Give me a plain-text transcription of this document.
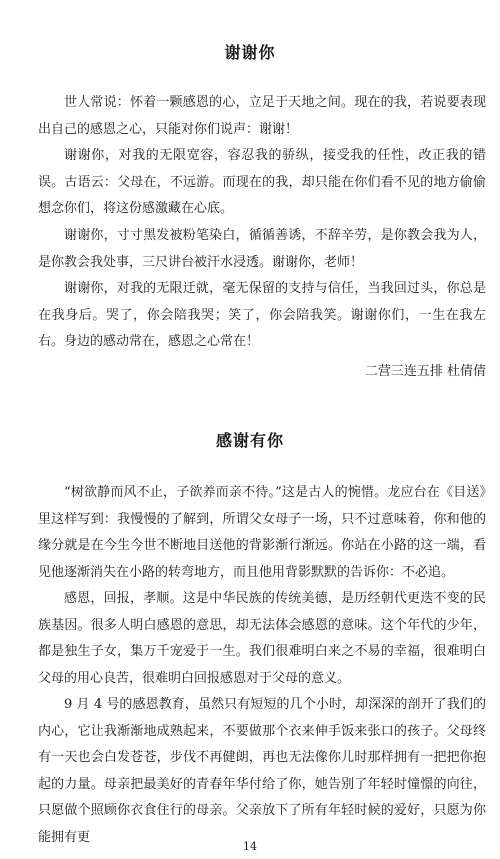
谢谢你

世人常说：怀着一颗感恩的心，立足于天地之间。现在的我，若说要表现出自己的感恩之心，只能对你们说声：谢谢！

谢谢你，对我的无限宽容，容忍我的骄纵，接受我的任性，改正我的错误。古语云：父母在，不远游。而现在的我，却只能在你们看不见的地方偷偷想念你们，将这份感激藏在心底。

谢谢你，寸寸黑发被粉笔染白，循循善诱，不辞辛劳，是你教会我为人，是你教会我处事，三尺讲台被汗水浸透。谢谢你，老师！

谢谢你，对我的无限迁就，毫无保留的支持与信任，当我回过头，你总是在我身后。哭了，你会陪我哭；笑了，你会陪我笑。谢谢你们，一生在我左右。 身边的感动常在，感恩之心常在！

二营三连五排 杜倩倩
感谢有你

“树欲静而风不止，子欲养而亲不待。”这是古人的惋惜。龙应台在《目送》里这样写到：我慢慢的了解到，所谓父女母子一场，只不过意味着，你和他的缘分就是在今生今世不断地目送他的背影渐行渐远。你站在小路的这一端，看见他逐渐消失在小路的转弯地方，而且他用背影默默的告诉你：不必追。

感恩，回报，孝顺。这是中华民族的传统美德，是历经朝代更迭不变的民族基因。很多人明白感恩的意思，却无法体会感恩的意味。这个年代的少年，都是独生子女，集万千宠爱于一生。我们很难明白来之不易的幸福，很难明白父母的用心良苦，很难明白回报感恩对于父母的意义。

9 月 4 号的感恩教育，虽然只有短短的几个小时，却深深的剖开了我们的内心，它让我渐渐地成熟起来，不要做那个衣来伸手饭来张口的孩子。父母终有一天也会白发苍苍，步伐不再健朗，再也无法像你儿时那样拥有一把把你抱起的力量。母亲把最美好的青春年华付给了你，她告别了年轻时憧憬的向往，只愿做个照顾你衣食住行的母亲。父亲放下了所有年轻时候的爱好，只愿为你能拥有更

14
